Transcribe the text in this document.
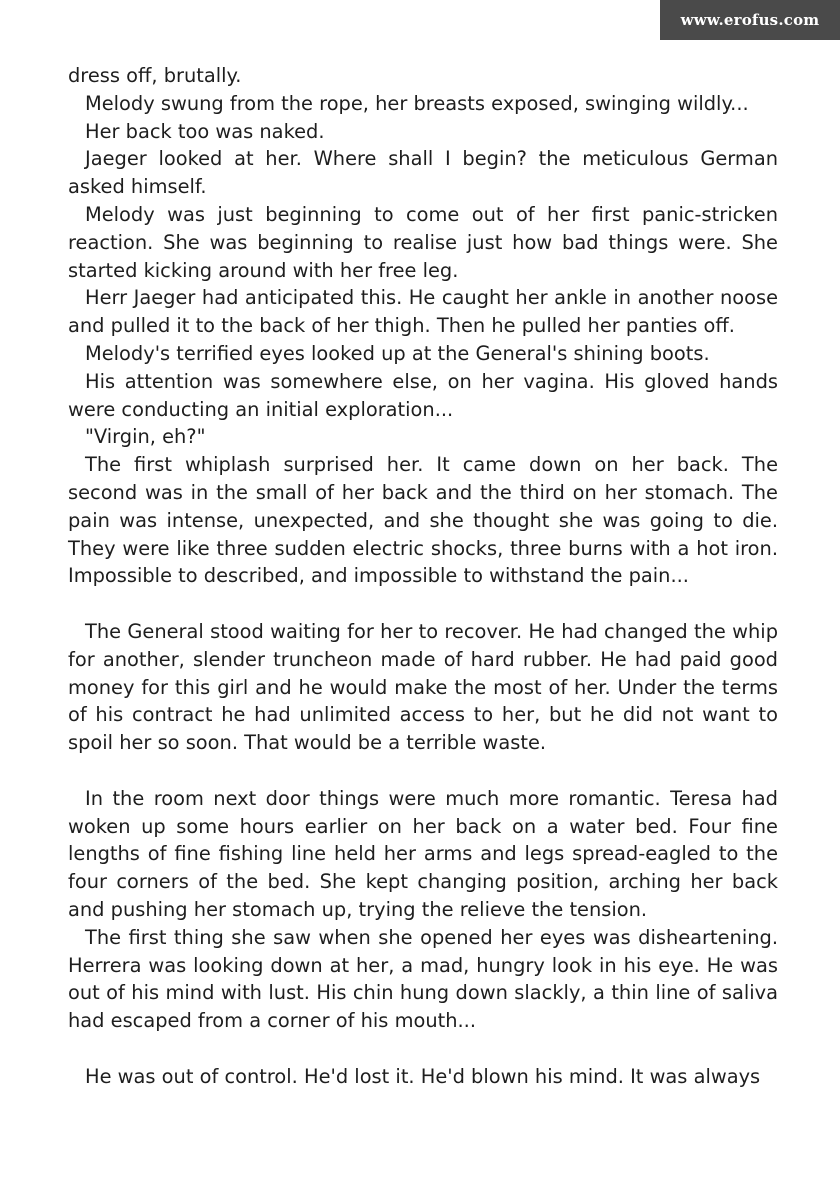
www.erofus.com

dress off, brutally.

Melody swung from the rope, her breasts exposed, swinging wildly...

Her back too was naked.

Jaeger looked at her. Where shall I begin? the meticulous German asked himself.

Melody was just beginning to come out of her first panic-stricken reaction. She was beginning to realise just how bad things were. She started kicking around with her free leg.

Herr Jaeger had anticipated this. He caught her ankle in another noose and pulled it to the back of her thigh. Then he pulled her panties off.

Melody's terrified eyes looked up at the General's shining boots.

His attention was somewhere else, on her vagina. His gloved hands were conducting an initial exploration...

"Virgin, eh?"

The first whiplash surprised her. It came down on her back. The second was in the small of her back and the third on her stomach. The pain was intense, unexpected, and she thought she was going to die. They were like three sudden electric shocks, three burns with a hot iron. Impossible to described, and impossible to withstand the pain...

The General stood waiting for her to recover. He had changed the whip for another, slender truncheon made of hard rubber. He had paid good money for this girl and he would make the most of her. Under the terms of his contract he had unlimited access to her, but he did not want to spoil her so soon. That would be a terrible waste.

In the room next door things were much more romantic. Teresa had woken up some hours earlier on her back on a water bed. Four fine lengths of fine fishing line held her arms and legs spread-eagled to the four corners of the bed. She kept changing position, arching her back and pushing her stomach up, trying the relieve the tension.

The first thing she saw when she opened her eyes was disheartening. Herrera was looking down at her, a mad, hungry look in his eye. He was out of his mind with lust. His chin hung down slackly, a thin line of saliva had escaped from a corner of his mouth...

He was out of control. He'd lost it. He'd blown his mind. It was always
